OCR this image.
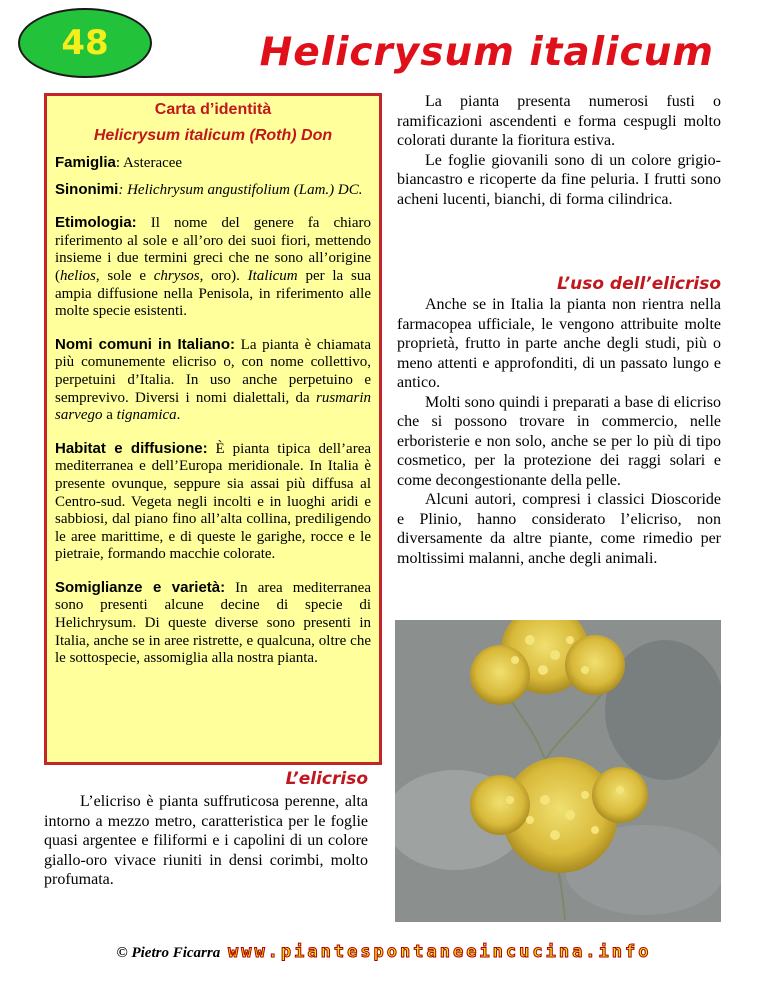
48	Helicrysum italicum
Carta d’identità
Helicrysum italicum (Roth) Don

Famiglia: Asteracee

Sinonimi: Helichrysum angustifolium (Lam.) DC.

Etimologia: Il nome del genere fa chiaro riferimento al sole e all’oro dei suoi fiori, mettendo insieme i due termini greci che ne sono all’origine (helios, sole e chrysos, oro). Italicum per la sua ampia diffusione nella Penisola, in riferimento alle molte specie esistenti.

Nomi comuni in Italiano: La pianta è chiamata più comunemente elicriso o, con nome collettivo, perpetuini d’Italia. In uso anche perpetuino e semprevivo. Diversi i nomi dialettali, da rusmarin sarvego a tignamica.

Habitat e diffusione: È pianta tipica dell’area mediterranea e dell’Europa meridionale. In Italia è presente ovunque, seppure sia assai più diffusa al Centro-sud. Vegeta negli incolti e in luoghi aridi e sabbiosi, dal piano fino all’alta collina, prediligendo le aree marittime, e di queste le garighe, rocce e le pietraie, formando macchie colorate.

Somiglianze e varietà: In area mediterranea sono presenti alcune decine di specie di Helichrysum. Di queste diverse sono presenti in Italia, anche se in aree ristrette, e qualcuna, oltre che le sottospecie, assomiglia alla nostra pianta.

L’elicriso

L’elicriso è pianta suffruticosa perenne, alta intorno a mezzo metro, caratteristica per le foglie quasi argentee e filiformi e i capolini di un colore giallo-oro vivace riuniti in densi corimbi, molto profumata.

La pianta presenta numerosi fusti o ramificazioni ascendenti e forma cespugli molto colorati durante la fioritura estiva.

Le foglie giovanili sono di un colore grigio-biancastro e ricoperte da fine peluria. I frutti sono acheni lucenti, bianchi, di forma cilindrica.

L’uso dell’elicriso

Anche se in Italia la pianta non rientra nella farmacopea ufficiale, le vengono attribuite molte proprietà, frutto in parte anche degli studi, più o meno attenti e approfonditi, di un passato lungo e antico.

Molti sono quindi i preparati a base di elicriso che si possono trovare in commercio, nelle erboristerie e non solo, anche se per lo più di tipo cosmetico, per la protezione dei raggi solari e come decongestionante della pelle.

Alcuni autori, compresi i classici Dioscoride e Plinio, hanno considerato l’elicriso, non diversamente da altre piante, come rimedio per moltissimi malanni, anche degli animali.

© Pietro Ficarra www.piantespontaneeincucina.info
